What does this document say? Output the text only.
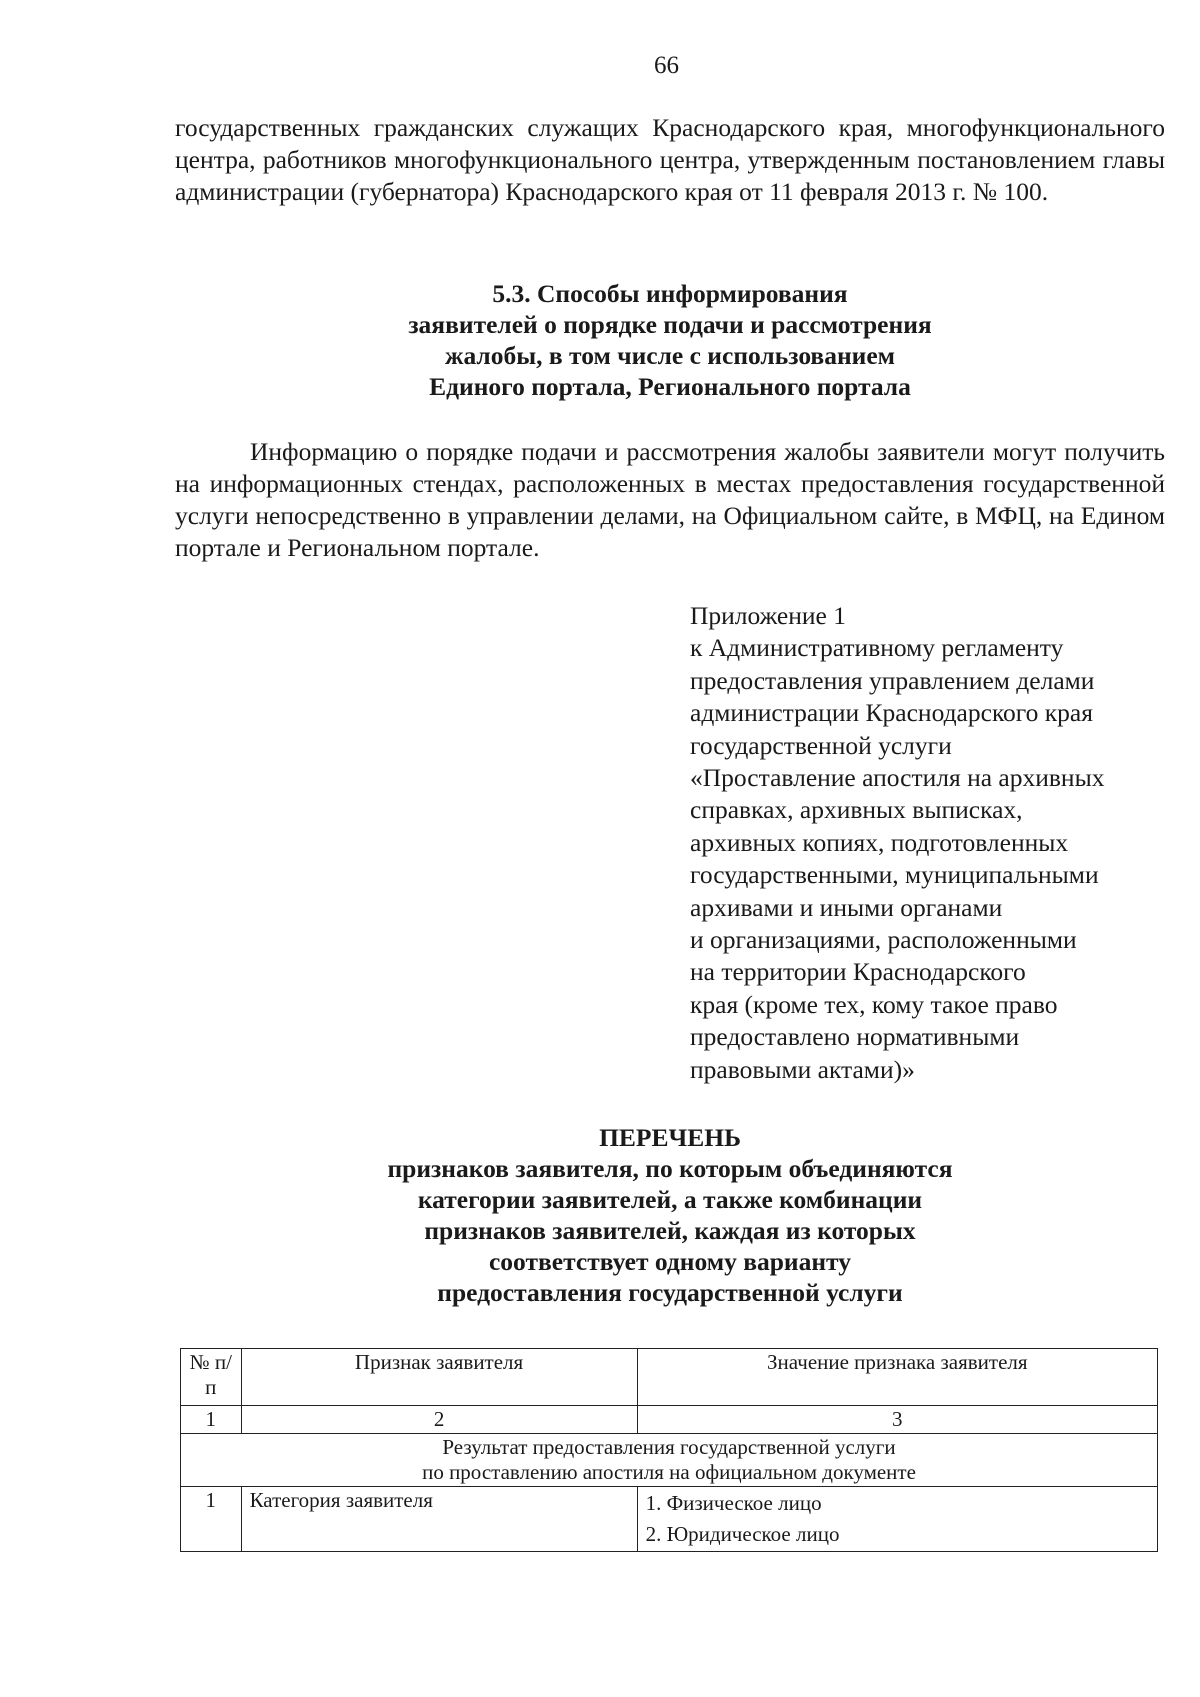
66

государственных гражданских служащих Краснодарского края, многофункционального центра, работников многофункционального центра, утвержденным постановлением главы администрации (губернатора) Краснодарского края от 11 февраля 2013 г. № 100.

5.3. Способы информирования
заявителей о порядке подачи и рассмотрения
жалобы, в том числе с использованием
Единого портала, Регионального портала

Информацию о порядке подачи и рассмотрения жалобы заявители могут получить на информационных стендах, расположенных в местах предоставления государственной услуги непосредственно в управлении делами, на Официальном сайте, в МФЦ, на Едином портале и Региональном портале.

Приложение 1
к Административному регламенту
предоставления управлением делами
администрации Краснодарского края
государственной услуги
«Проставление апостиля на архивных
справках, архивных выписках,
архивных копиях, подготовленных
государственными, муниципальными
архивами и иными органами
и организациями, расположенными
на территории Краснодарского
края (кроме тех, кому такое право
предоставлено нормативными
правовыми актами)»
ПЕРЕЧЕНЬ
признаков заявителя, по которым объединяются
категории заявителей, а также комбинации
признаков заявителей, каждая из которых
соответствует одному варианту
предоставления государственной услуги
№ п/п	Признак заявителя	Значение признака заявителя
1	2	3

Результат предоставления государственной услуги
по проставлению апостиля на официальном документе		

1	Категория заявителя	1. Физическое лицо
2. Юридическое лицо
